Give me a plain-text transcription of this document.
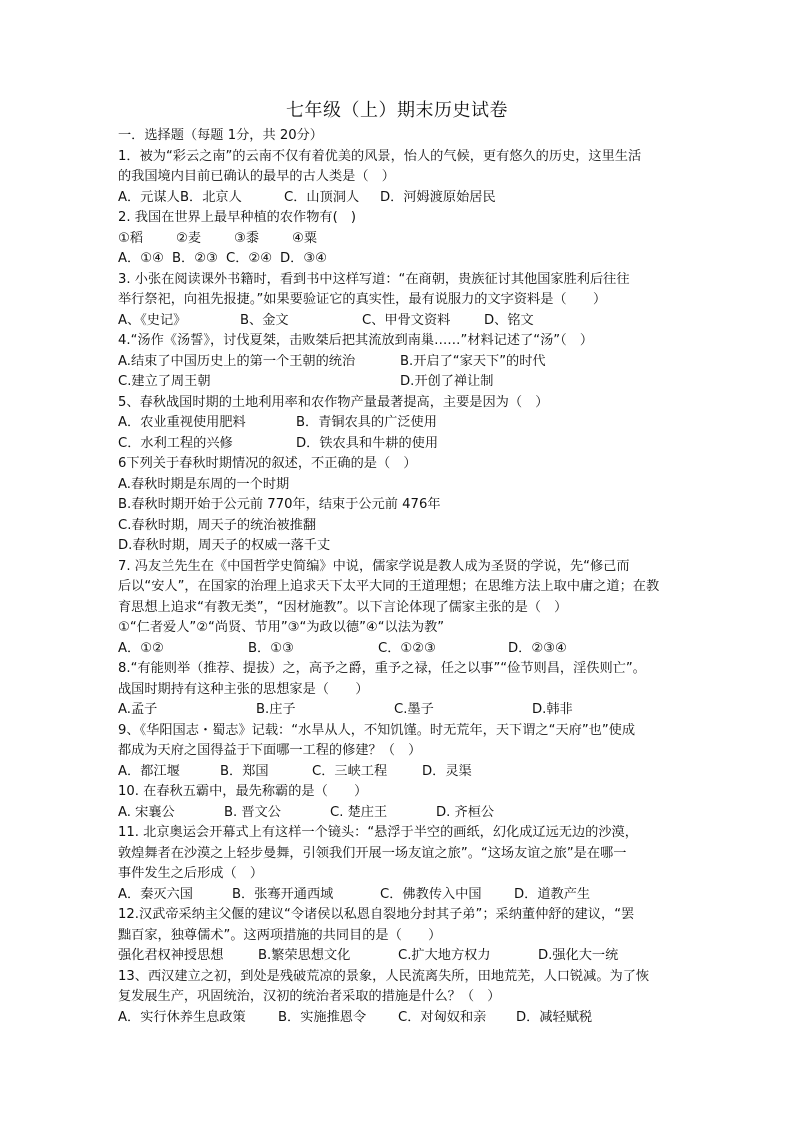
七年级（上）期末历史试卷
一．选择题（每题 1分，共 20分）
1．被为“彩云之南”的云南不仅有着优美的风景，怡人的气候，更有悠久的历史，这里生活
的我国境内目前已确认的最早的古人类是（　）
A．元谋人 B．北京人	C．山顶洞人	D．河姆渡原始居民
2. 我国在世界上最早种植的农作物有(　)
①稻	②麦	③黍	④粟
A．①④ B．②③ C．②④ D．③④
3. 小张在阅读课外书籍时，看到书中这样写道：“在商朝，贵族征讨其他国家胜利后往往
举行祭祀，向祖先报捷。”如果要验证它的真实性，最有说服力的文字资料是（　　）
A、《史记》	B、金文	C、甲骨文资料	D、铭文
4.“汤作《汤誓》，讨伐夏桀，击败桀后把其流放到南巢……”材料记述了“汤”（　）
A.结束了中国历史上的第一个王朝的统治	B.开启了“家天下”的时代
C.建立了周王朝	D.开创了禅让制
5、春秋战国时期的土地利用率和农作物产量最著提高，主要是因为（　）
A．农业重视使用肥料	B．青铜农具的广泛使用
C．水利工程的兴修	D．铁农具和牛耕的使用
6下列关于春秋时期情况的叙述，不正确的是（　）
A.春秋时期是东周的一个时期
B.春秋时期开始于公元前 770年，结束于公元前 476年
C.春秋时期，周天子的统治被推翻
D.春秋时期，周天子的权威一落千丈
7. 冯友兰先生在《中国哲学史简编》中说，儒家学说是教人成为圣贤的学说，先“修己而
后以“安人”，在国家的治理上追求天下太平大同的王道理想；在思维方法上取中庸之道；在教
育思想上追求“有教无类”，“因材施教”。以下言论体现了儒家主张的是（　）
①“仁者爱人”②“尚贤、节用”③“为政以德”④“以法为教”
A．①②	B．①③	C．①②③	D．②③④
8.“有能则举（推荐、提拔）之，高予之爵，重予之禄，任之以事”“俭节则昌，淫佚则亡”。
战国时期持有这种主张的思想家是（　　）
A.孟子	B.庄子	C.墨子	D.韩非
9、《华阳国志・蜀志》记载：“水旱从人，不知饥馑。时无荒年，天下谓之“天府”也”使成
都成为天府之国得益于下面哪一工程的修建？（　）
A．都江堰	B．郑国	C．三峡工程	D．灵渠
10. 在春秋五霸中，最先称霸的是（　　）
A. 宋襄公	B. 晋文公	C. 楚庄王	D. 齐桓公
11. 北京奥运会开幕式上有这样一个镜头：“悬浮于半空的画纸，幻化成辽远无边的沙漠，
敦煌舞者在沙漠之上轻步曼舞，引领我们开展一场友谊之旅”。“这场友谊之旅”是在哪一
事件发生之后形成（　）
A．秦灭六国	B．张骞开通西域	C．佛教传入中国	D．道教产生
12.汉武帝采纳主父偃的建议“令诸侯以私恩自裂地分封其子弟”；采纳董仲舒的建议，“罢
黜百家，独尊儒术”。这两项措施的共同目的是（　　）
强化君权神授思想	B.繁荣思想文化	C.扩大地方权力	D.强化大一统
13、西汉建立之初，到处是残破荒凉的景象，人民流离失所，田地荒芜，人口锐减。为了恢
复发展生产，巩固统治，汉初的统治者采取的措施是什么？（　）
A．实行休养生息政策	B．实施推恩令	C．对匈奴和亲	D．减轻赋税
